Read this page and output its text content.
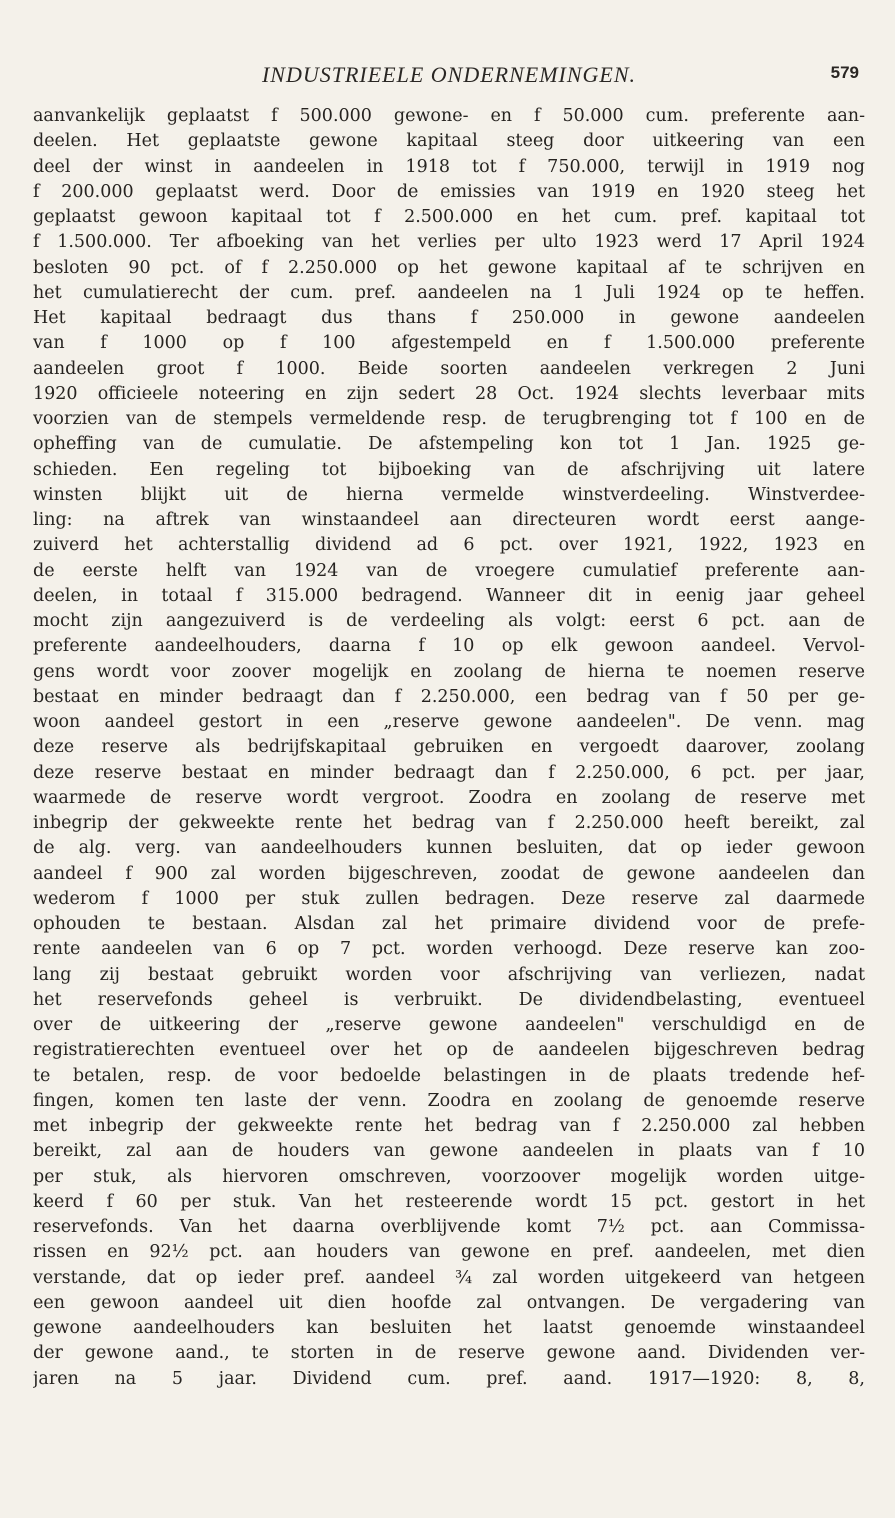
INDUSTRIEELE ONDERNEMINGEN.	579
aanvankelijk geplaatst f 500.000 gewone- en f 50.000 cum. preferente aan-
deelen. Het geplaatste gewone kapitaal steeg door uitkeering van een
deel der winst in aandeelen in 1918 tot f 750.000, terwijl in 1919 nog
f 200.000 geplaatst werd. Door de emissies van 1919 en 1920 steeg het
geplaatst gewoon kapitaal tot f 2.500.000 en het cum. pref. kapitaal tot
f 1.500.000. Ter afboeking van het verlies per ulto 1923 werd 17 April 1924
besloten 90 pct. of f 2.250.000 op het gewone kapitaal af te schrijven en
het cumulatierecht der cum. pref. aandeelen na 1 Juli 1924 op te heffen.
Het kapitaal bedraagt dus thans f 250.000 in gewone aandeelen
van f 1000 op f 100 afgestempeld en f 1.500.000 preferente
aandeelen groot f 1000. Beide soorten aandeelen verkregen 2 Juni
1920 officieele noteering en zijn sedert 28 Oct. 1924 slechts leverbaar mits
voorzien van de stempels vermeldende resp. de terugbrenging tot f 100 en de
opheffing van de cumulatie. De afstempeling kon tot 1 Jan. 1925 ge-
schieden. Een regeling tot bijboeking van de afschrijving uit latere
winsten blijkt uit de hierna vermelde winstverdeeling. Winstverdee-
ling: na aftrek van winstaandeel aan directeuren wordt eerst aange-
zuiverd het achterstallig dividend ad 6 pct. over 1921, 1922, 1923 en
de eerste helft van 1924 van de vroegere cumulatief preferente aan-
deelen, in totaal f 315.000 bedragend. Wanneer dit in eenig jaar geheel
mocht zijn aangezuiverd is de verdeeling als volgt: eerst 6 pct. aan de
preferente aandeelhouders, daarna f 10 op elk gewoon aandeel. Vervol-
gens wordt voor zoover mogelijk en zoolang de hierna te noemen reserve
bestaat en minder bedraagt dan f 2.250.000, een bedrag van f 50 per ge-
woon aandeel gestort in een „reserve gewone aandeelen". De venn. mag
deze reserve als bedrijfskapitaal gebruiken en vergoedt daarover, zoolang
deze reserve bestaat en minder bedraagt dan f 2.250.000, 6 pct. per jaar,
waarmede de reserve wordt vergroot. Zoodra en zoolang de reserve met
inbegrip der gekweekte rente het bedrag van f 2.250.000 heeft bereikt, zal
de alg. verg. van aandeelhouders kunnen besluiten, dat op ieder gewoon
aandeel f 900 zal worden bijgeschreven, zoodat de gewone aandeelen dan
wederom f 1000 per stuk zullen bedragen. Deze reserve zal daarmede
ophouden te bestaan. Alsdan zal het primaire dividend voor de prefe-
rente aandeelen van 6 op 7 pct. worden verhoogd. Deze reserve kan zoo-
lang zij bestaat gebruikt worden voor afschrijving van verliezen, nadat
het reservefonds geheel is verbruikt. De dividendbelasting, eventueel
over de uitkeering der „reserve gewone aandeelen" verschuldigd en de
registratierechten eventueel over het op de aandeelen bijgeschreven bedrag
te betalen, resp. de voor bedoelde belastingen in de plaats tredende hef-
fingen, komen ten laste der venn. Zoodra en zoolang de genoemde reserve
met inbegrip der gekweekte rente het bedrag van f 2.250.000 zal hebben
bereikt, zal aan de houders van gewone aandeelen in plaats van f 10
per stuk, als hiervoren omschreven, voorzoover mogelijk worden uitge-
keerd f 60 per stuk. Van het resteerende wordt 15 pct. gestort in het
reservefonds. Van het daarna overblijvende komt 7½ pct. aan Commissa-
rissen en 92½ pct. aan houders van gewone en pref. aandeelen, met dien
verstande, dat op ieder pref. aandeel ¾ zal worden uitgekeerd van hetgeen
een gewoon aandeel uit dien hoofde zal ontvangen. De vergadering van
gewone aandeelhouders kan besluiten het laatst genoemde winstaandeel
der gewone aand., te storten in de reserve gewone aand. Dividenden ver-
jaren na 5 jaar. Dividend cum. pref. aand. 1917—1920: 8, 8,
